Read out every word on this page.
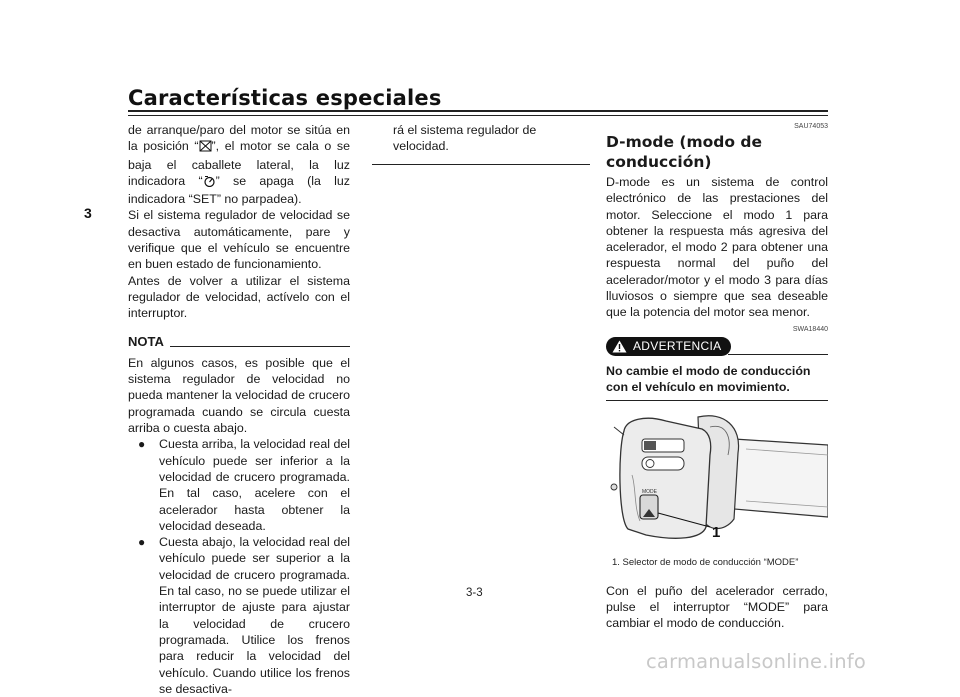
Características especiales
3

de arranque/paro del motor se sitúa en la posición “ ”, el motor se cala o se baja el caballete lateral, la luz indicadora “ ” se apaga (la luz indicadora “SET” no parpadea).

Si el sistema regulador de velocidad se desactiva automáticamente, pare y verifique que el vehículo se encuentre en buen estado de funcionamiento.

Antes de volver a utilizar el sistema regulador de velocidad, actívelo con el interruptor.

NOTA

En algunos casos, es posible que el sistema regulador de velocidad no pueda mantener la velocidad de crucero programada cuando se circula cuesta arriba o cuesta abajo.

●	Cuesta arriba, la velocidad real del vehículo puede ser inferior a la velocidad de crucero programada. En tal caso, acelere con el acelerador hasta obtener la velocidad deseada.
●	Cuesta abajo, la velocidad real del vehículo puede ser superior a la velocidad de crucero programada. En tal caso, no se puede utilizar el interruptor de ajuste para ajustar la velocidad de crucero programada. Utilice los frenos para reducir la velocidad del vehículo. Cuando utilice los frenos se desactiva-

rá el sistema regulador de velocidad.

SAU74053
D-mode (modo de conducción)

D-mode es un sistema de control electrónico de las prestaciones del motor. Seleccione el modo 1 para obtener la respuesta más agresiva del acelerador, el modo 2 para obtener una respuesta normal del puño del acelerador/motor y el modo 3 para días lluviosos o siempre que sea deseable que la potencia del motor sea menor.

SWA18440
ADVERTENCIA
No cambie el modo de conducción con el vehículo en movimiento.
MODE
1
1. Selector de modo de conducción “MODE”

Con el puño del acelerador cerrado, pulse el interruptor “MODE” para cambiar el modo de conducción.

3-3
carmanualsonline.info
